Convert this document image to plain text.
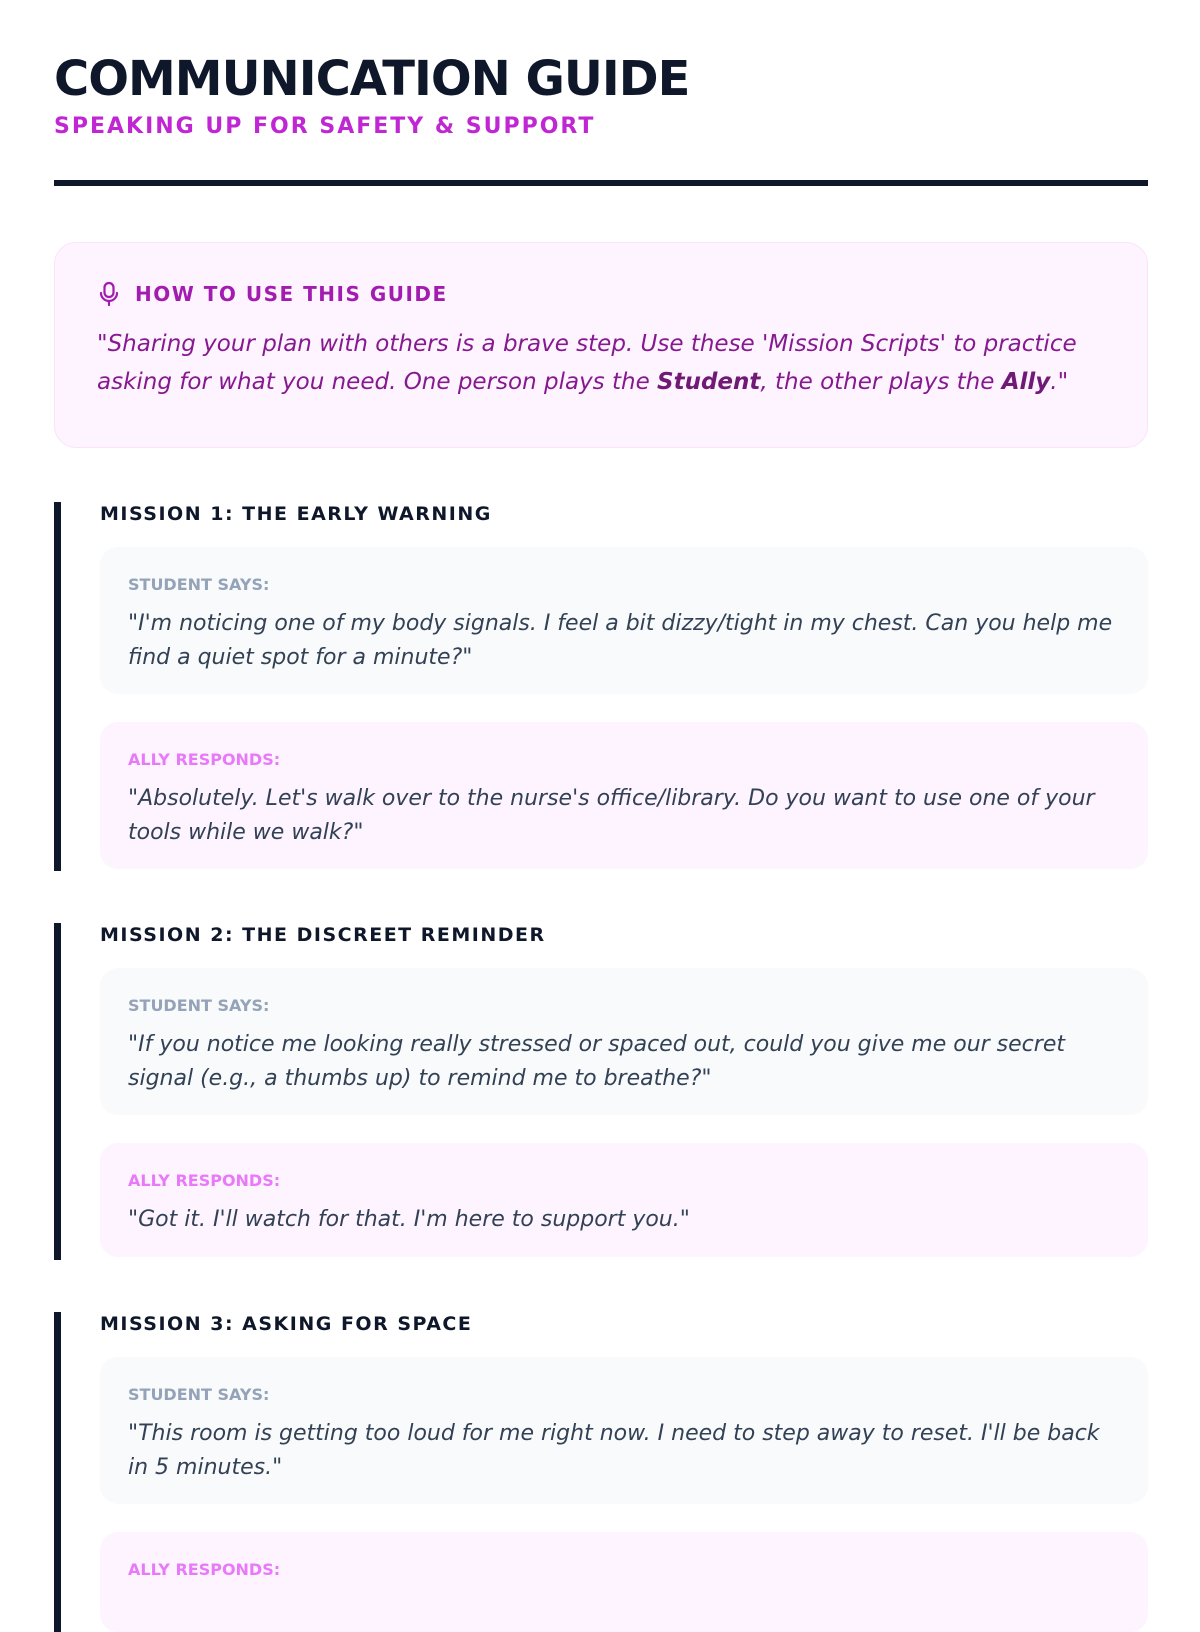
COMMUNICATION GUIDE
SPEAKING UP FOR SAFETY & SUPPORT
HOW TO USE THIS GUIDE
"Sharing your plan with others is a brave step. Use these 'Mission Scripts' to practice asking for what you need. One person plays the Student, the other plays the Ally."
MISSION 1: THE EARLY WARNING
STUDENT SAYS:
"I'm noticing one of my body signals. I feel a bit dizzy/tight in my chest. Can you help me find a quiet spot for a minute?"
ALLY RESPONDS:
"Absolutely. Let's walk over to the nurse's office/library. Do you want to use one of your tools while we walk?"
MISSION 2: THE DISCREET REMINDER
STUDENT SAYS:
"If you notice me looking really stressed or spaced out, could you give me our secret signal (e.g., a thumbs up) to remind me to breathe?"
ALLY RESPONDS:
"Got it. I'll watch for that. I'm here to support you."
MISSION 3: ASKING FOR SPACE
STUDENT SAYS:
"This room is getting too loud for me right now. I need to step away to reset. I'll be back in 5 minutes."
ALLY RESPONDS:
